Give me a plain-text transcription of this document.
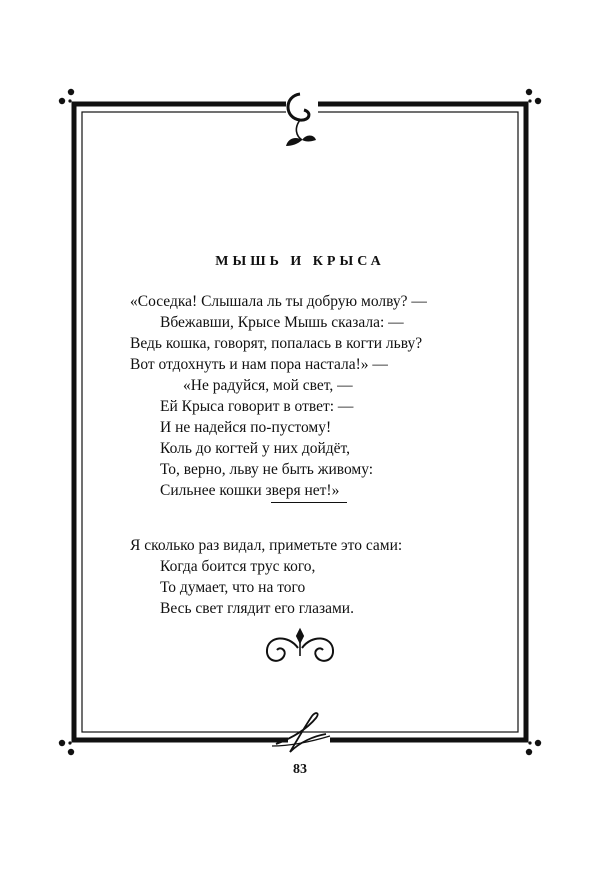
МЫШЬ И КРЫСА
«Соседка! Слышала ль ты добрую молву? —
Вбежавши, Крысе Мышь сказала: —
Ведь кошка, говорят, попалась в когти льву?
Вот отдохнуть и нам пора настала!» —
«Не радуйся, мой свет, —
Ей Крыса говорит в ответ: —
И не надейся по-пустому!
Коль до когтей у них дойдёт,
То, верно, льву не быть живому:
Сильнее кошки зверя нет!»
Я сколько раз видал, приметьте это сами:
Когда боится трус кого,
То думает, что на того
Весь свет глядит его глазами.
83
